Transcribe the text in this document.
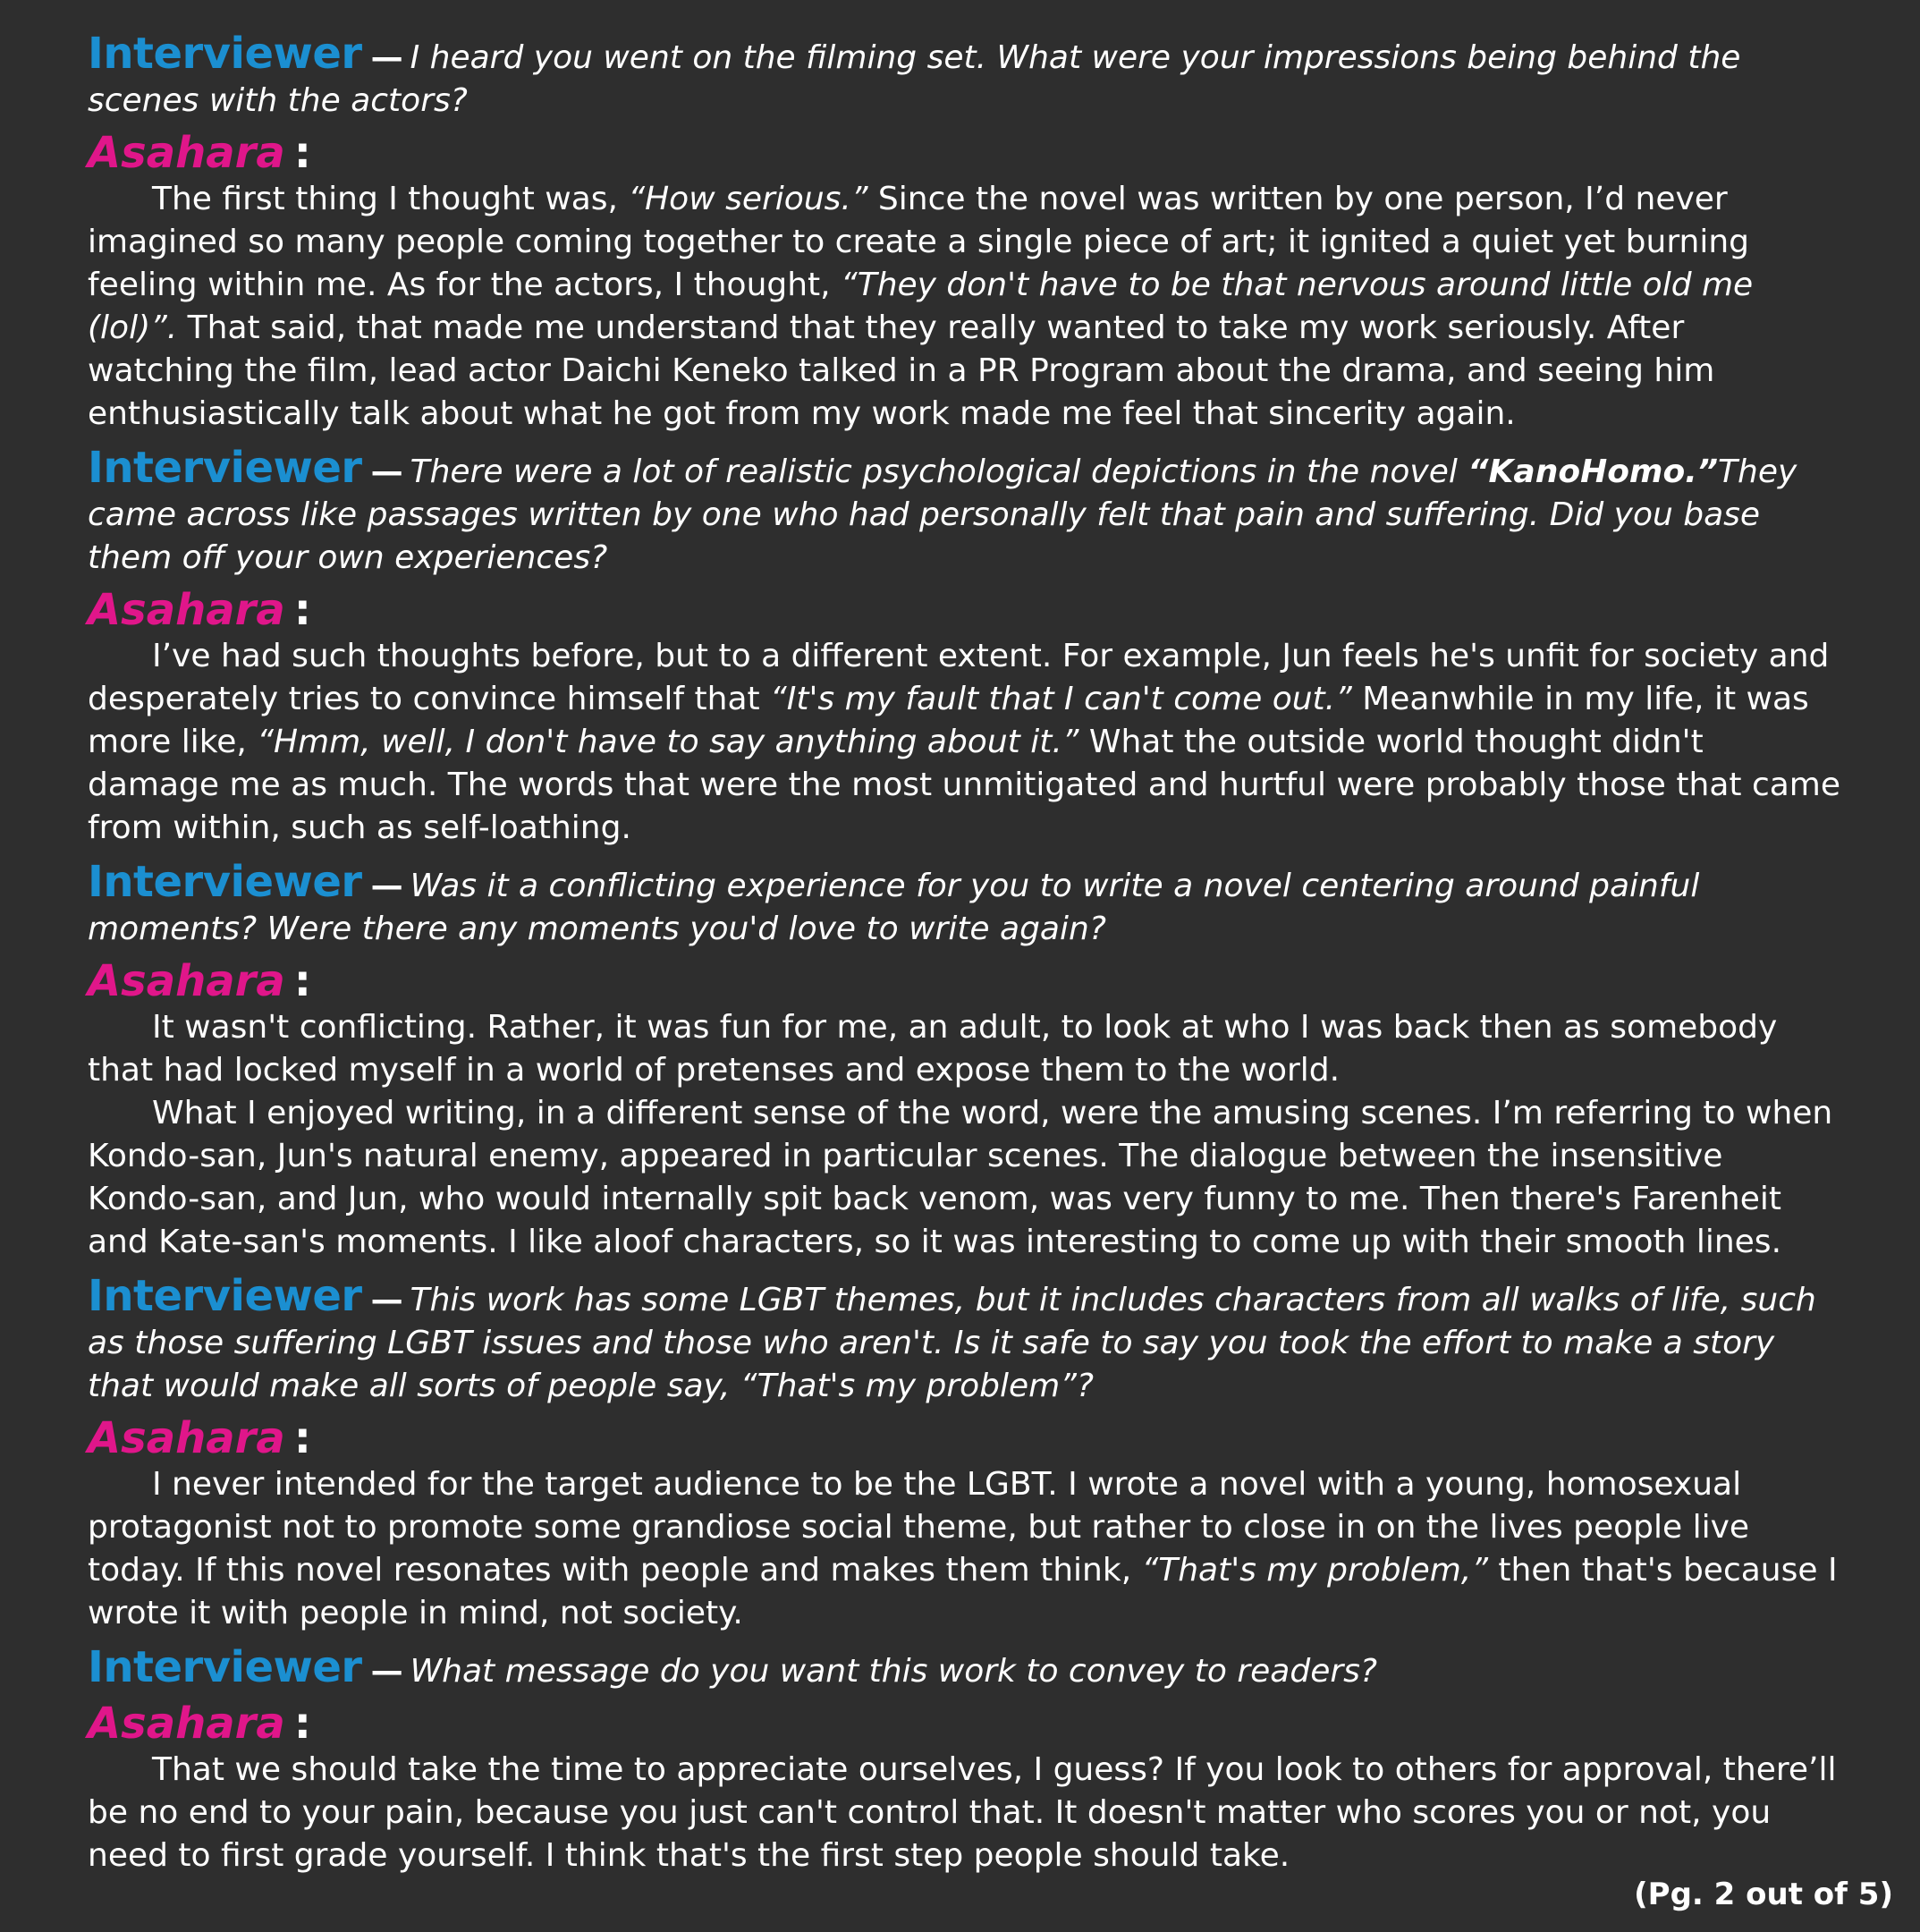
Interviewer — I heard you went on the filming set. What were your impressions being behind the scenes with the actors?

Asahara :

The first thing I thought was, “How serious.” Since the novel was written by one person, I’d never imagined so many people coming together to create a single piece of art; it ignited a quiet yet burning feeling within me. As for the actors, I thought, “They don't have to be that nervous around little old me (lol)”. That said, that made me understand that they really wanted to take my work seriously. After watching the film, lead actor Daichi Keneko talked in a PR Program about the drama, and seeing him enthusiastically talk about what he got from my work made me feel that sincerity again.

Interviewer — There were a lot of realistic psychological depictions in the novel “KanoHomo.”They came across like passages written by one who had personally felt that pain and suffering. Did you base them off your own experiences?

Asahara :

I’ve had such thoughts before, but to a different extent. For example, Jun feels he's unfit for society and desperately tries to convince himself that “It's my fault that I can't come out.” Meanwhile in my life, it was more like, “Hmm, well, I don't have to say anything about it.” What the outside world thought didn't damage me as much. The words that were the most unmitigated and hurtful were probably those that came from within, such as self-loathing.

Interviewer — Was it a conflicting experience for you to write a novel centering around painful moments? Were there any moments you'd love to write again?

Asahara :

It wasn't conflicting. Rather, it was fun for me, an adult, to look at who I was back then as somebody that had locked myself in a world of pretenses and expose them to the world.

What I enjoyed writing, in a different sense of the word, were the amusing scenes. I’m referring to when Kondo-san, Jun's natural enemy, appeared in particular scenes. The dialogue between the insensitive Kondo-san, and Jun, who would internally spit back venom, was very funny to me. Then there's Farenheit and Kate-san's moments. I like aloof characters, so it was interesting to come up with their smooth lines.

Interviewer — This work has some LGBT themes, but it includes characters from all walks of life, such as those suffering LGBT issues and those who aren't. Is it safe to say you took the effort to make a story that would make all sorts of people say, “That's my problem”?

Asahara :

I never intended for the target audience to be the LGBT. I wrote a novel with a young, homosexual protagonist not to promote some grandiose social theme, but rather to close in on the lives people live today. If this novel resonates with people and makes them think, “That's my problem,” then that's because I wrote it with people in mind, not society.

Interviewer — What message do you want this work to convey to readers?

Asahara :

That we should take the time to appreciate ourselves, I guess? If you look to others for approval, there’ll be no end to your pain, because you just can't control that. It doesn't matter who scores you or not, you need to first grade yourself. I think that's the first step people should take.

(Pg. 2 out of 5)
